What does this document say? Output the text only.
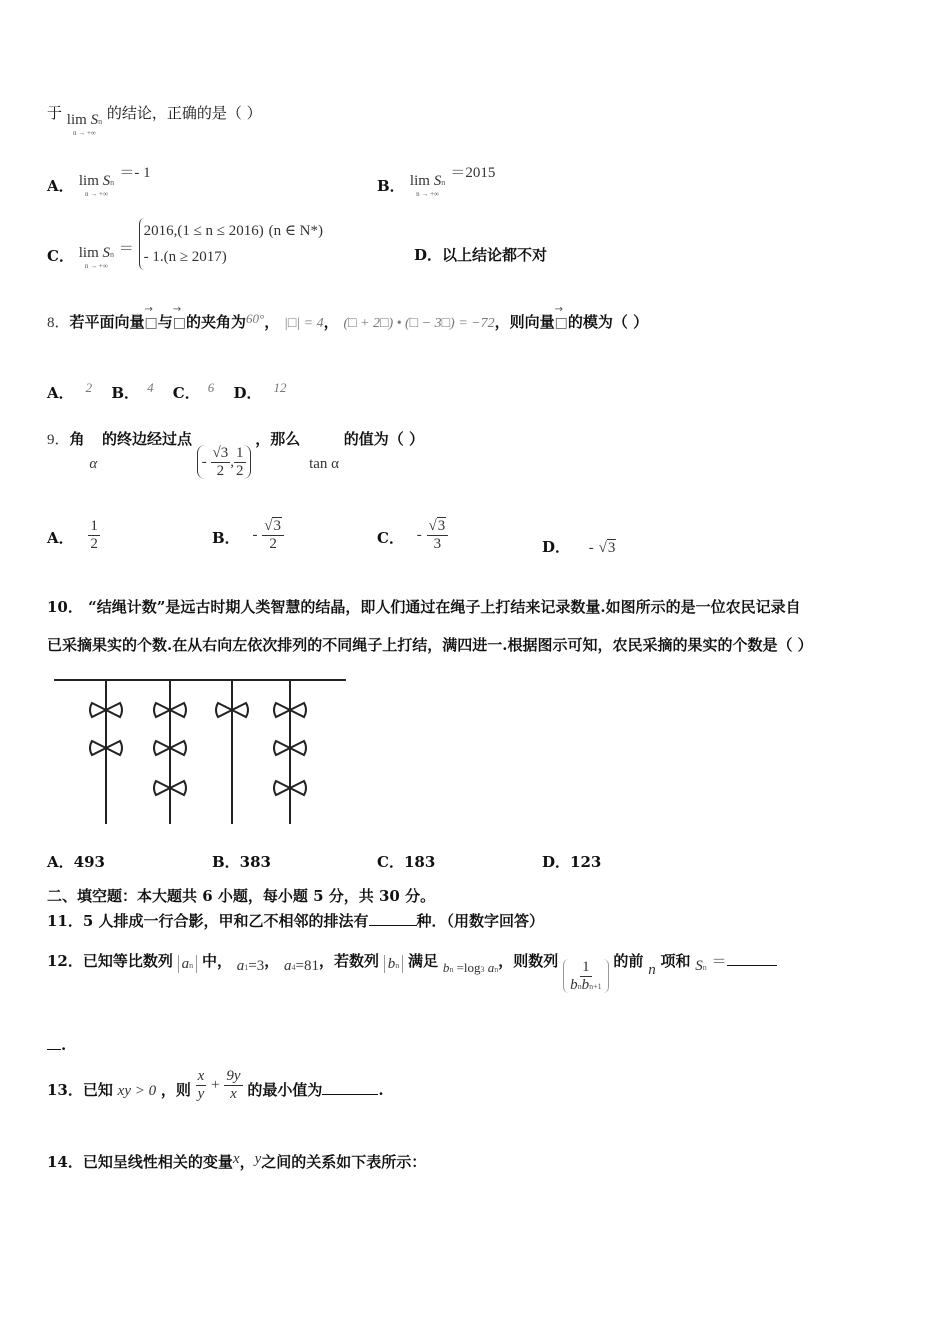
于 lim Sn
n → +∞
的结论，正确的是（ ）
A． lim Sn
n → +∞
＝- 1
B． lim Sn
n → +∞
＝2015
C． lim Sn
n → +∞
＝
2016,(1 ≤ n ≤ 2016)
- 1.(n ≥ 2017)
(n ∈ N*)
D．以上结论都不对
8．若平面向量→ □与→ □的夹角为60°， |□| = 4， (□ + 2□) • (□ − 3□) = −72，则向量→ □的模为（ ）
A． 2 B． 4 C． 6 D． 12
9．角 α 的终边经过点
-
$\frac{√3}{2}$ , $\frac{1}{2}$
，那么 tan α 的值为（ ）
A． $\frac{1}{2}$	B． - $\frac{√3}{2}$	C． - $\frac{√3}{3}$	D． - √3
10． “结绳计数”是远古时期人类智慧的结晶，即人们通过在绳子上打结来记录数量.如图所示的是一位农民记录自
已采摘果实的个数.在从右向左依次排列的不同绳子上打结，满四进一.根据图示可知，农民采摘的果实的个数是（ ）
A．493	B．383	C．183	D．123
二、填空题：本大题共 6 小题，每小题 5 分，共 30 分。
11．5 人排成一行合影，甲和乙不相邻的排法有	种．（用数字回答）
12．已知等比数列 an 中， a1=3， a4=81，若数列 bn 满足 bn =log3 an，则数列 $\frac{1}{\text{bnbn+1}}$ 的前 n 项和 Sn ＝
.
13．已知 xy > 0 ，则 $\frac{x}{y} + \frac{9y}{x}$ 的最小值为	.
14．已知呈线性相关的变量x，y之间的关系如下表所示：
